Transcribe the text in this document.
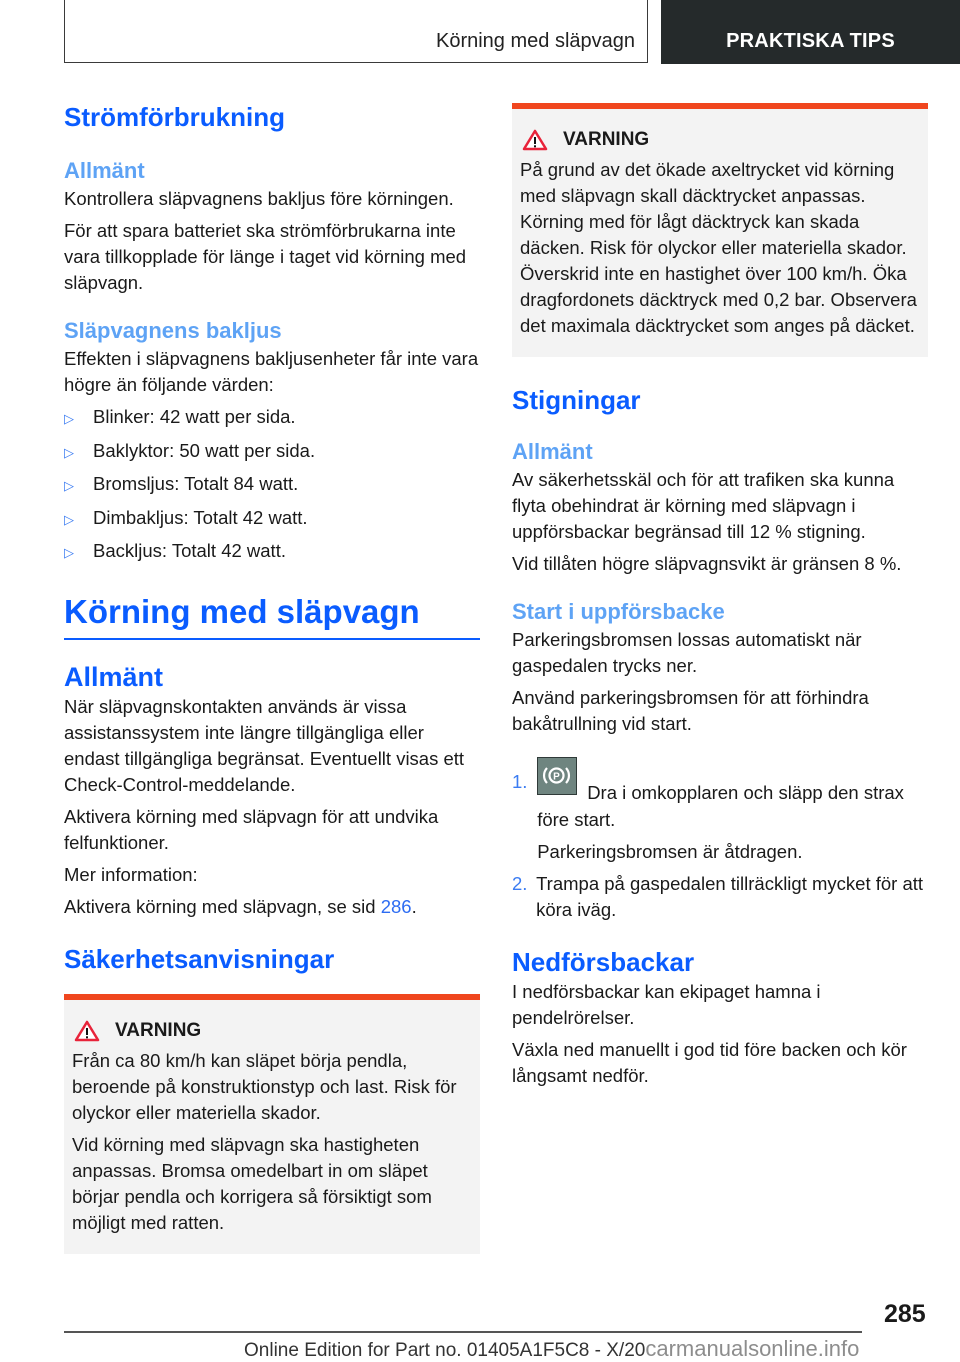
Körning med släpvagn	PRAKTISKA TIPS
Strömförbrukning
Allmänt

Kontrollera släpvagnens bakljus före körningen.

För att spara batteriet ska strömförbrukarna inte vara tillkopplade för länge i taget vid körning med släpvagn.

Släpvagnens bakljus

Effekten i släpvagnens bakljusenheter får inte vara högre än följande värden:

▷	Blinker: 42 watt per sida.
▷	Baklyktor: 50 watt per sida.
▷	Bromsljus: Totalt 84 watt.
▷	Dimbakljus: Totalt 42 watt.
▷	Backljus: Totalt 42 watt.
Körning med släpvagn
Allmänt

När släpvagnskontakten används är vissa assistanssystem inte längre tillgängliga eller endast tillgängliga begränsat. Eventuellt visas ett Check-Control-meddelande.

Aktivera körning med släpvagn för att undvika felfunktioner.

Mer information:

Aktivera körning med släpvagn, se sid 286.

Säkerhetsanvisningar
VARNING

Från ca 80 km/h kan släpet börja pendla, beroende på konstruktionstyp och last. Risk för olyckor eller materiella skador.

Vid körning med släpvagn ska hastigheten anpassas. Bromsa omedelbart in om släpet börjar pendla och korrigera så försiktigt som möjligt med ratten.

VARNING

På grund av det ökade axeltrycket vid körning med släpvagn skall däcktrycket anpassas. Körning med för lågt däcktryck kan skada däcken. Risk för olyckor eller materiella skador. Överskrid inte en hastighet över 100 km/h. Öka dragfordonets däcktryck med 0,2 bar. Observera det maximala däcktrycket som anges på däcket.

Stigningar
Allmänt

Av säkerhetsskäl och för att trafiken ska kunna flyta obehindrat är körning med släpvagn i uppförsbackar begränsad till 12 % stigning.

Vid tillåten högre släpvagnsvikt är gränsen 8 %.

Start i uppförsbacke

Parkeringsbromsen lossas automatiskt när gaspedalen trycks ner.

Använd parkeringsbromsen för att förhindra bakåtrullning vid start.

1.	P
Dra i omkopplaren och släpp den strax före start.

Parkeringsbromsen är åtdragen.

2. Trampa på gaspedalen tillräckligt mycket för att köra iväg.

Nedförsbackar

I nedförsbackar kan ekipaget hamna i pendelrörelser.

Växla ned manuellt i god tid före backen och kör långsamt nedför.

285
Online Edition for Part no. 01405A1F5C8 - X/20carmanualsonline.info
